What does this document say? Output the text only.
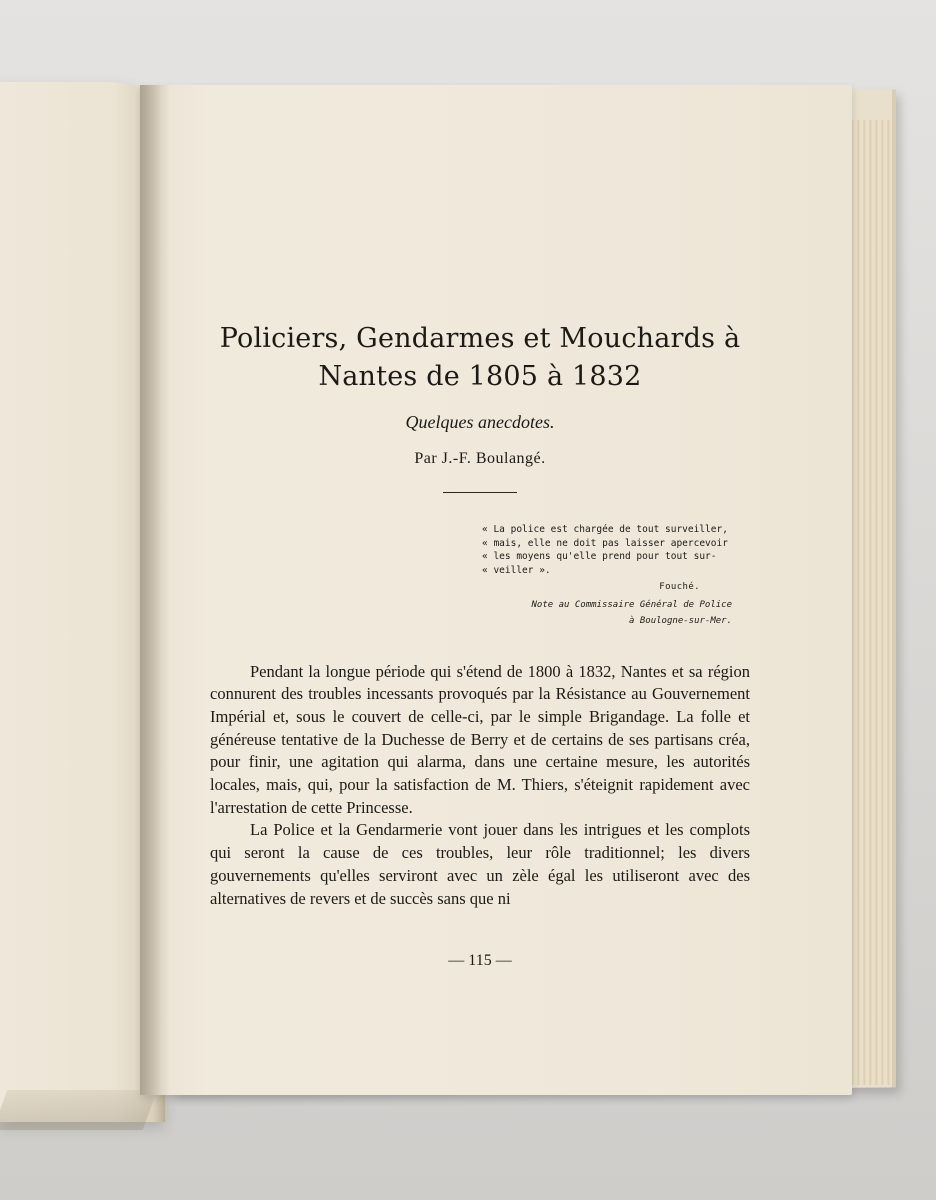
Policiers, Gendarmes et Mouchards à Nantes de 1805 à 1832

Quelques anecdotes.

Par J.-F. Boulangé.

« La police est chargée de tout surveiller,
« mais, elle ne doit pas laisser apercevoir
« les moyens qu'elle prend pour tout sur-
« veiller ».
Fouché.
Note au Commissaire Général de Police
à Boulogne-sur-Mer.

Pendant la longue période qui s'étend de 1800 à 1832, Nantes et sa région connurent des troubles incessants provoqués par la Résistance au Gouvernement Impérial et, sous le couvert de celle-ci, par le simple Brigandage. La folle et généreuse tentative de la Duchesse de Berry et de certains de ses partisans créa, pour finir, une agitation qui alarma, dans une certaine mesure, les autorités locales, mais, qui, pour la satisfaction de M. Thiers, s'éteignit rapidement avec l'arrestation de cette Princesse.

La Police et la Gendarmerie vont jouer dans les intrigues et les complots qui seront la cause de ces troubles, leur rôle traditionnel; les divers gouvernements qu'elles serviront avec un zèle égal les utiliseront avec des alternatives de revers et de succès sans que ni

— 115 —
